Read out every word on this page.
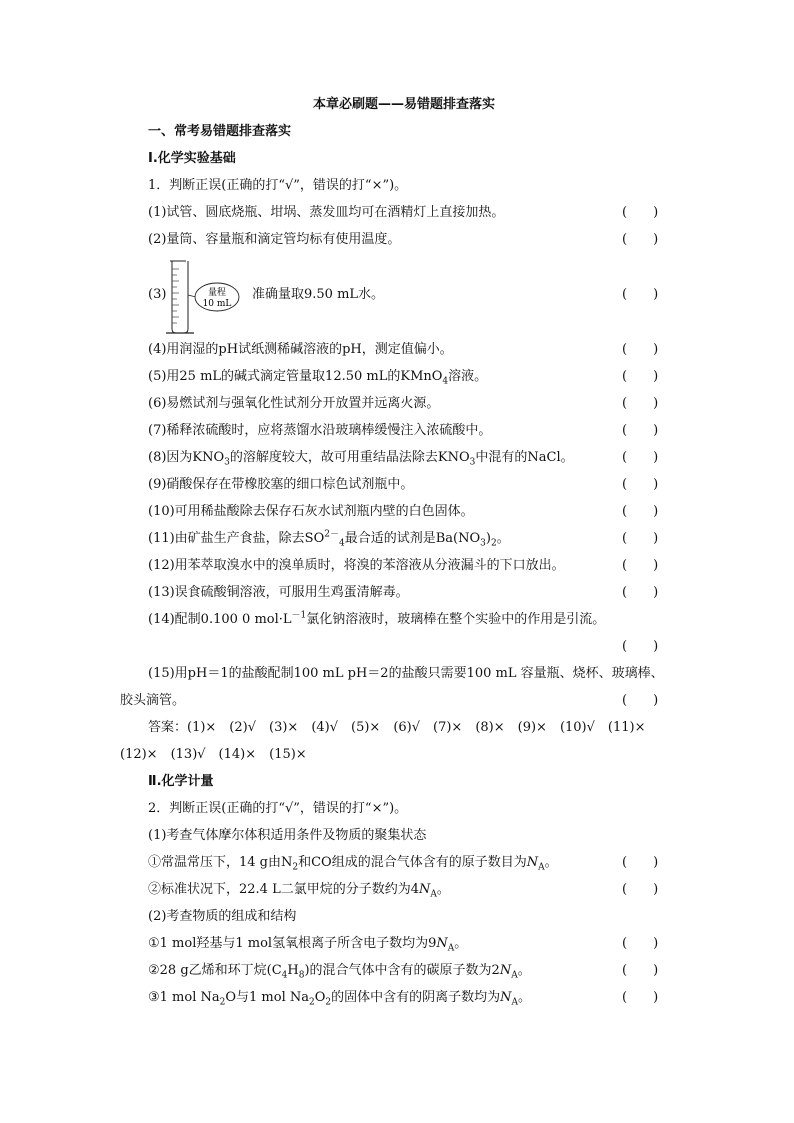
本章必刷题——易错题排查落实
一、常考易错题排查落实
Ⅰ.化学实验基础
1．判断正误(正确的打“√”，错误的打“×”)。
(1)试管、圆底烧瓶、坩埚、蒸发皿均可在酒精灯上直接加热。	(　　)
(2)量筒、容量瓶和滴定管均标有使用温度。	(　　)
(3)	量程
10 mL
准确量取9.50 mL水。	(　　)
(4)用润湿的pH试纸测稀碱溶液的pH，测定值偏小。	(　　)
(5)用25 mL的碱式滴定管量取12.50 mL的KMnO$_4$溶液。	(　　)
(6)易燃试剂与强氧化性试剂分开放置并远离火源。	(　　)
(7)稀释浓硫酸时，应将蒸馏水沿玻璃棒缓慢注入浓硫酸中。	(　　)
(8)因为$KNO_3$的溶解度较大，故可用重结晶法除去$KNO_3$中混有的NaCl。	(　　)
(9)硝酸保存在带橡胶塞的细口棕色试剂瓶中。	(　　)
(10)可用稀盐酸除去保存石灰水试剂瓶内壁的白色固体。	(　　)
(11)由矿盐生产食盐，除去$SO^{2-}_4$最合适的试剂是$Ba(NO_3)_2$。	(　　)
(12)用苯萃取溴水中的溴单质时，将溴的苯溶液从分液漏斗的下口放出。	(　　)
(13)误食硫酸铜溶液，可服用生鸡蛋清解毒。	(　　)
(14)配制0.100 0 $mol\cdot L^{-1}$氯化钠溶液时，玻璃棒在整个实验中的作用是引流。
(　　)
(15)用pH＝1的盐酸配制100 mL pH＝2的盐酸只需要100 mL 容量瓶、烧杯、玻璃棒、
胶头滴管。	(　　)
答案：(1)×　(2)√　(3)×　(4)√　(5)×　(6)√　(7)×　(8)×　(9)×　(10)√　(11)×
(12)×　(13)√　(14)×　(15)×
Ⅱ.化学计量
2．判断正误(正确的打“√”，错误的打“×”)。
(1)考查气体摩尔体积适用条件及物质的聚集状态
①常温常压下，14 g由$N_2$和CO组成的混合气体含有的原子数目为$N_A$。	(　　)
②标准状况下，22.4 L二氯甲烷的分子数约为$4N_A$。	(　　)
(2)考查物质的组成和结构
①1 mol羟基与1 mol氢氧根离子所含电子数均为$9N_A$。	(　　)
②28 g乙烯和环丁烷$(C_4H_8)$的混合气体中含有的碳原子数为$2N_A$。	(　　)
③1 mol $Na_2O$与1 mol $Na_2O_2$的固体中含有的阴离子数均为$N_A$。	(　　)
